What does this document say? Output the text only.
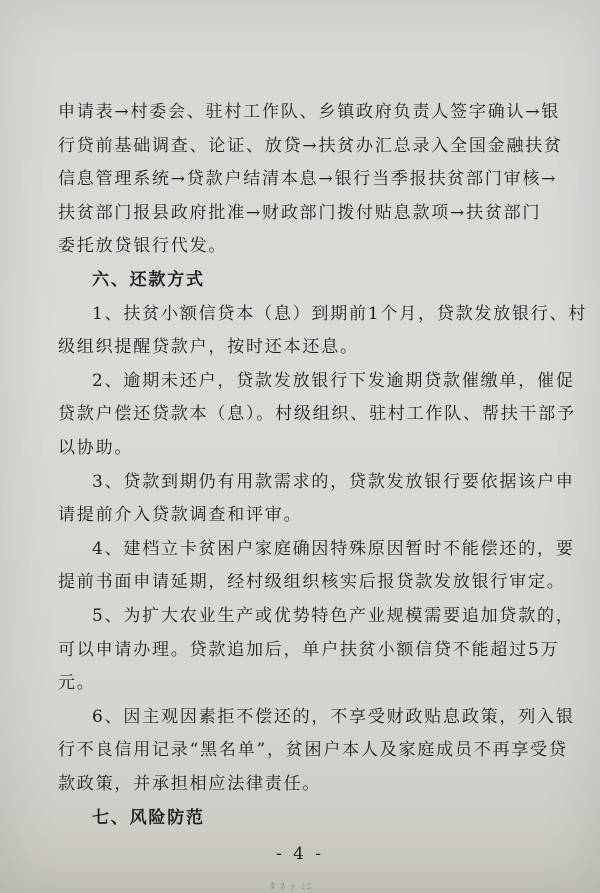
申请表→村委会、驻村工作队、乡镇政府负责人签字确认→银
行贷前基础调查、论证、放贷→扶贫办汇总录入全国金融扶贫
信息管理系统→贷款户结清本息→银行当季报扶贫部门审核→
扶贫部门报县政府批准→财政部门拨付贴息款项→扶贫部门
委托放贷银行代发。
六、还款方式
1、扶贫小额信贷本（息）到期前1个月，贷款发放银行、村
级组织提醒贷款户，按时还本还息。
2、逾期未还户，贷款发放银行下发逾期贷款催缴单，催促
贷款户偿还贷款本（息）。村级组织、驻村工作队、帮扶干部予
以协助。
3、贷款到期仍有用款需求的，贷款发放银行要依据该户申
请提前介入贷款调查和评审。
4、建档立卡贫困户家庭确因特殊原因暂时不能偿还的，要
提前书面申请延期，经村级组织核实后报贷款发放银行审定。
5、为扩大农业生产或优势特色产业规模需要追加贷款的，
可以申请办理。贷款追加后，单户扶贫小额信贷不能超过5万
元。
6、因主观因素拒不偿还的，不享受财政贴息政策，列入银
行不良信用记录“黑名单”，贫困户本人及家庭成员不再享受贷
款政策，并承担相应法律责任。
七、风险防范
- 4 -
ﾀ ﾈ ｧ ﾐﾆ
